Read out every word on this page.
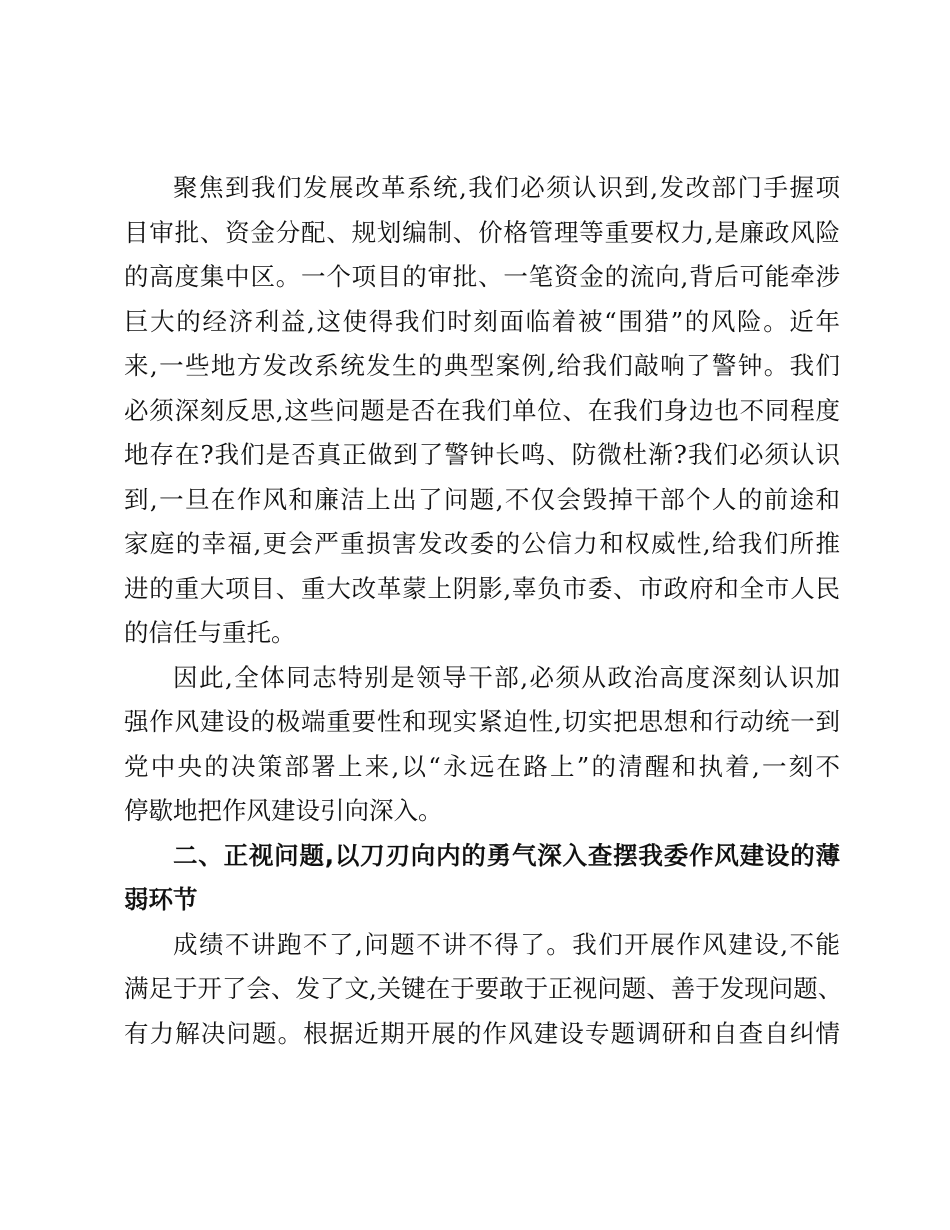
聚焦到我们发展改革系统,我们必须认识到,发改部门手握项
目审批、资金分配、规划编制、价格管理等重要权力,是廉政风险
的高度集中区。一个项目的审批、一笔资金的流向,背后可能牵涉
巨大的经济利益,这使得我们时刻面临着被“围猎”的风险。近年
来,一些地方发改系统发生的典型案例,给我们敲响了警钟。我们
必须深刻反思,这些问题是否在我们单位、在我们身边也不同程度
地存在?我们是否真正做到了警钟长鸣、防微杜渐?我们必须认识
到,一旦在作风和廉洁上出了问题,不仅会毁掉干部个人的前途和
家庭的幸福,更会严重损害发改委的公信力和权威性,给我们所推
进的重大项目、重大改革蒙上阴影,辜负市委、市政府和全市人民
的信任与重托。
因此,全体同志特别是领导干部,必须从政治高度深刻认识加
强作风建设的极端重要性和现实紧迫性,切实把思想和行动统一到
党中央的决策部署上来,以“永远在路上”的清醒和执着,一刻不
停歇地把作风建设引向深入。
二、正视问题,以刀刃向内的勇气深入查摆我委作风建设的薄
弱环节
成绩不讲跑不了,问题不讲不得了。我们开展作风建设,不能
满足于开了会、发了文,关键在于要敢于正视问题、善于发现问题、
有力解决问题。根据近期开展的作风建设专题调研和自查自纠情
